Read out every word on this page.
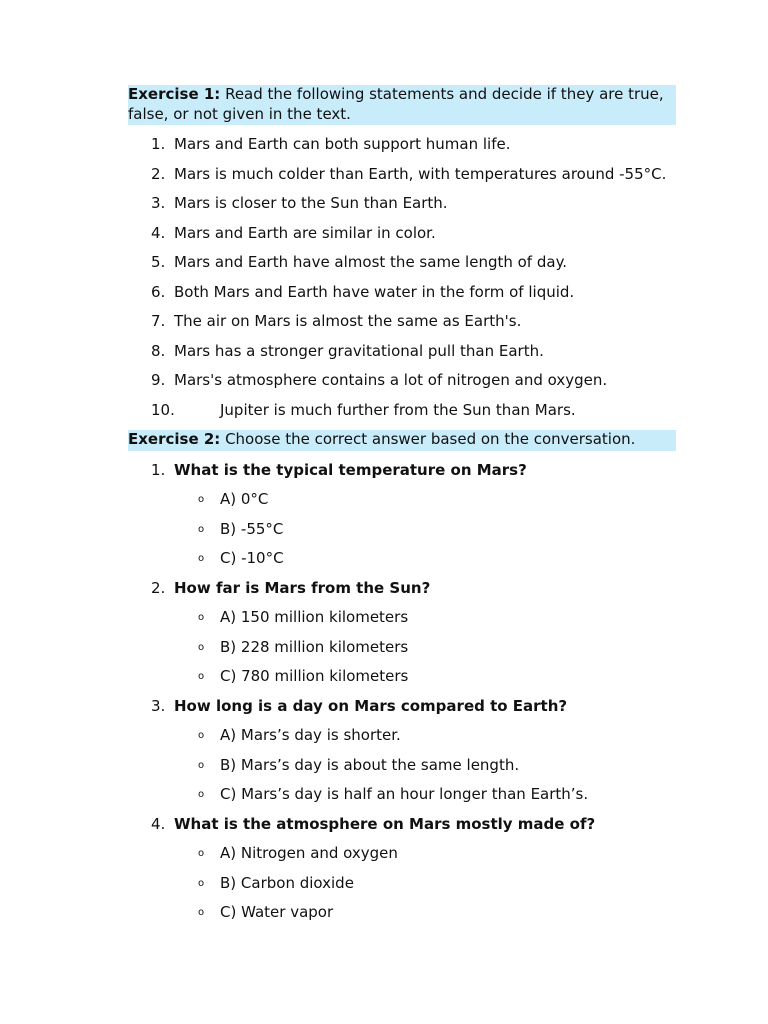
Exercise 1: Read the following statements and decide if they are true, false, or not given in the text.

1. Mars and Earth can both support human life.
2. Mars is much colder than Earth, with temperatures around -55°C.
3. Mars is closer to the Sun than Earth.
4. Mars and Earth are similar in color.
5. Mars and Earth have almost the same length of day.
6. Both Mars and Earth have water in the form of liquid.
7. The air on Mars is almost the same as Earth's.
8. Mars has a stronger gravitational pull than Earth.
9. Mars's atmosphere contains a lot of nitrogen and oxygen.
10.	Jupiter is much further from the Sun than Mars.

Exercise 2: Choose the correct answer based on the conversation.

1. What is the typical temperature on Mars?
o A) 0°C
o B) -55°C
o C) -10°C
2. How far is Mars from the Sun?
o A) 150 million kilometers
o B) 228 million kilometers
o C) 780 million kilometers
3. How long is a day on Mars compared to Earth?
o A) Mars’s day is shorter.
o B) Mars’s day is about the same length.
o C) Mars’s day is half an hour longer than Earth’s.
4. What is the atmosphere on Mars mostly made of?
o A) Nitrogen and oxygen
o B) Carbon dioxide
o C) Water vapor
